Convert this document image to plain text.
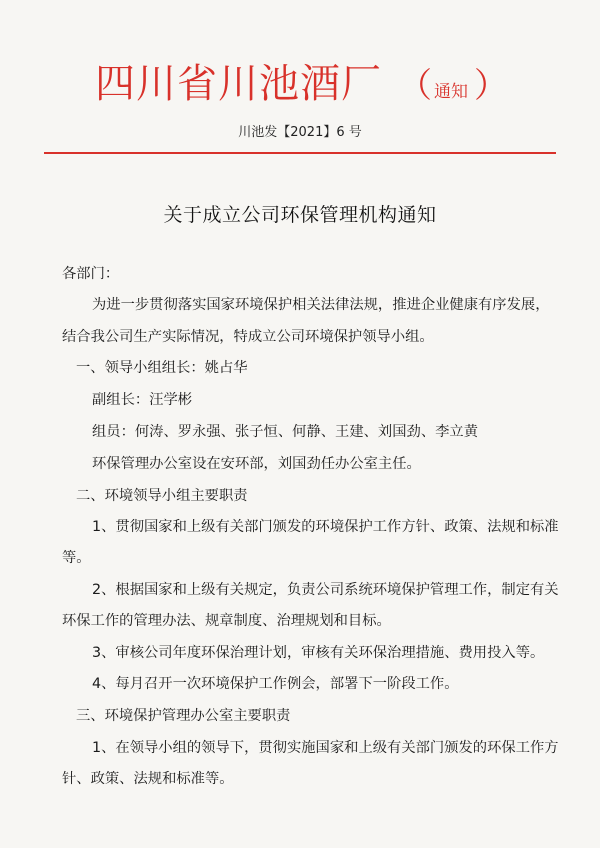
四川省川池酒厂 （ 通知 ）
川池发【2021】6 号
关于成立公司环保管理机构通知
各部门：
为进一步贯彻落实国家环境保护相关法律法规，推进企业健康有序发展，
结合我公司生产实际情况，特成立公司环境保护领导小组。
一、领导小组组长：姚占华
副组长：汪学彬
组员：何涛、罗永强、张子恒、何静、王建、刘国劲、李立黄
环保管理办公室设在安环部，刘国劲任办公室主任。
二、环境领导小组主要职责
1、贯彻国家和上级有关部门颁发的环境保护工作方针、政策、法规和标准
等。
2、根据国家和上级有关规定，负责公司系统环境保护管理工作，制定有关
环保工作的管理办法、规章制度、治理规划和目标。
3、审核公司年度环保治理计划，审核有关环保治理措施、费用投入等。
4、每月召开一次环境保护工作例会，部署下一阶段工作。
三、环境保护管理办公室主要职责
1、在领导小组的领导下，贯彻实施国家和上级有关部门颁发的环保工作方
针、政策、法规和标准等。
